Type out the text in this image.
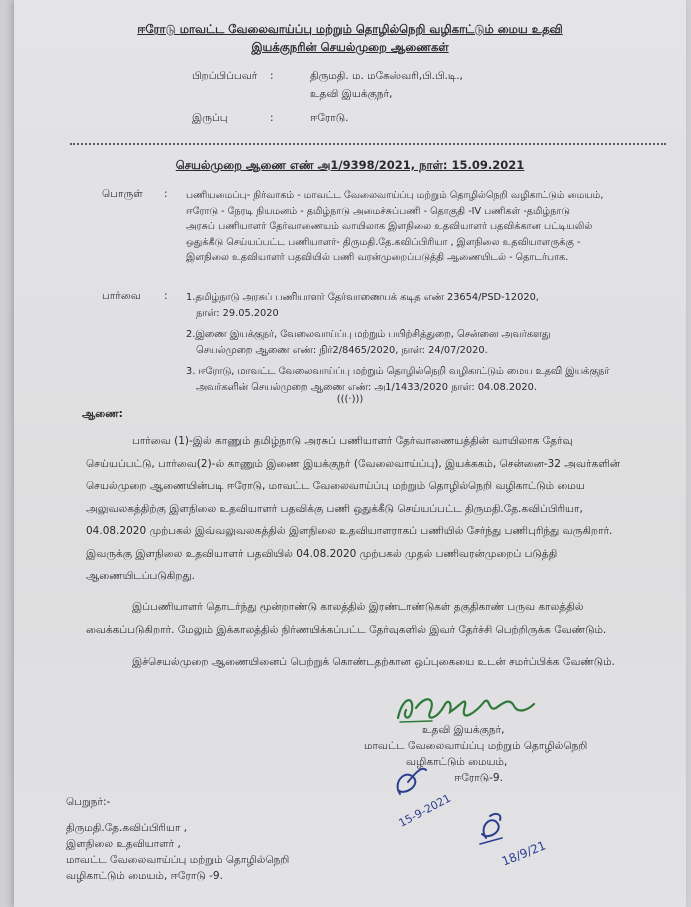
ஈரோடு மாவட்ட வேலைவாய்ப்பு மற்றும் தொழில்நெறி வழிகாட்டும் மைய உதவி
இயக்குநரின் செயல்முறை ஆணைகள்
பிறப்பிப்பவர் :	திருமதி. ம. மகேஸ்வரி,பி.பி.டி.,
உதவி இயக்குநர்,
இருப்பு	:	ஈரோடு.
செயல்முறை ஆணை எண் அ1/9398/2021, நாள்: 15.09.2021
பொருள் : பணியமைப்பு- நிர்வாகம் - மாவட்ட வேலைவாய்ப்பு மற்றும் தொழில்நெறி வழிகாட்டும் மையம்,
ஈரோடு - நேரடி நியமனம் - தமிழ்நாடு அமைச்சுப்பணி - தொகுதி -IV பணிகள் -தமிழ்நாடு
அரசுப் பணியாளர் தேர்வாணையம் வாயிலாக இளநிலை உதவியாளர் பதவிக்கான பட்டியலில்
ஒதுக்கீடு செய்யப்பட்ட பணியாளர்- திருமதி.தே.கவிப்பிரியா , இளநிலை உதவியாளருக்கு -
இளநிலை உதவியாளர் பதவியில் பணி வரன்முறைப்படுத்தி ஆணையிடல் - தொடர்பாக.
பார்வை : 1.தமிழ்நாடு அரசுப் பணியாளர் தேர்வாணையக் கடித எண் 23654/PSD-12020,
நாள்: 29.05.2020
2.இணை இயக்குநர், வேலைவாய்ப்பு மற்றும் பயிற்சித்துறை, சென்னை அவர்களது
செயல்முறை ஆணை எண்: நிர்2/8465/2020, நாள்: 24/07/2020.
3. ஈரோடு, மாவட்ட வேலைவாய்ப்பு மற்றும் தொழில்நெறி வழிகாட்டும் மைய உதவி இயக்குநர்
அவர்களின் செயல்முறை ஆணை எண்: அ1/1433/2020 நாள்: 04.08.2020.
(((·)))
ஆணை:
பார்வை (1)-இல் காணும் தமிழ்நாடு அரசுப் பணியாளர் தேர்வாணையத்தின் வாயிலாக தேர்வு
செய்யப்பட்டு, பார்வை(2)-ல் காணும் இணை இயக்குநர் (வேலைவாய்ப்பு), இயக்ககம், சென்னை-32 அவர்களின்
செயல்முறை ஆணையின்படி ஈரோடு, மாவட்ட வேலைவாய்ப்பு மற்றும் தொழில்நெறி வழிகாட்டும் மைய
அலுவலகத்திற்கு இளநிலை உதவியாளர் பதவிக்கு பணி ஒதுக்கீடு செய்யப்பட்ட திருமதி.தே.கவிப்பிரியா,
04.08.2020 முற்பகல் இவ்வலுவலகத்தில் இளநிலை உதவியாளராகப் பணியில் சேர்ந்து பணிபுரிந்து வருகிறார்.
இவருக்கு இளநிலை உதவியாளர் பதவியில் 04.08.2020 முற்பகல் முதல் பணிவரன்முறைப் படுத்தி
ஆணையிடப்படுகிறது.
இப்பணியாளர் தொடர்ந்து மூன்றாண்டு காலத்தில் இரண்டாண்டுகள் தகுதிகாண் பருவ காலத்தில்
வைக்கப்படுகிறார். மேலும் இக்காலத்தில் நிர்ணயிக்கப்பட்ட தேர்வுகளில் இவர் தேர்ச்சி பெற்றிருக்க வேண்டும்.
இச்செயல்முறை ஆணையினைப் பெற்றுக் கொண்டதற்கான ஒப்புகையை உடன் சமர்ப்பிக்க வேண்டும்.
உதவி இயக்குநர்,
மாவட்ட வேலைவாய்ப்பு மற்றும் தொழில்நெறி
வழிகாட்டும் மையம்,
ஈரோடு-9.
15-9-2021
18/9/21
பெறுநர்:-
திருமதி.தே.கவிப்பிரியா ,
இளநிலை உதவியாளர் ,
மாவட்ட வேலைவாய்ப்பு மற்றும் தொழில்நெறி
வழிகாட்டும் மையம், ஈரோடு -9.
